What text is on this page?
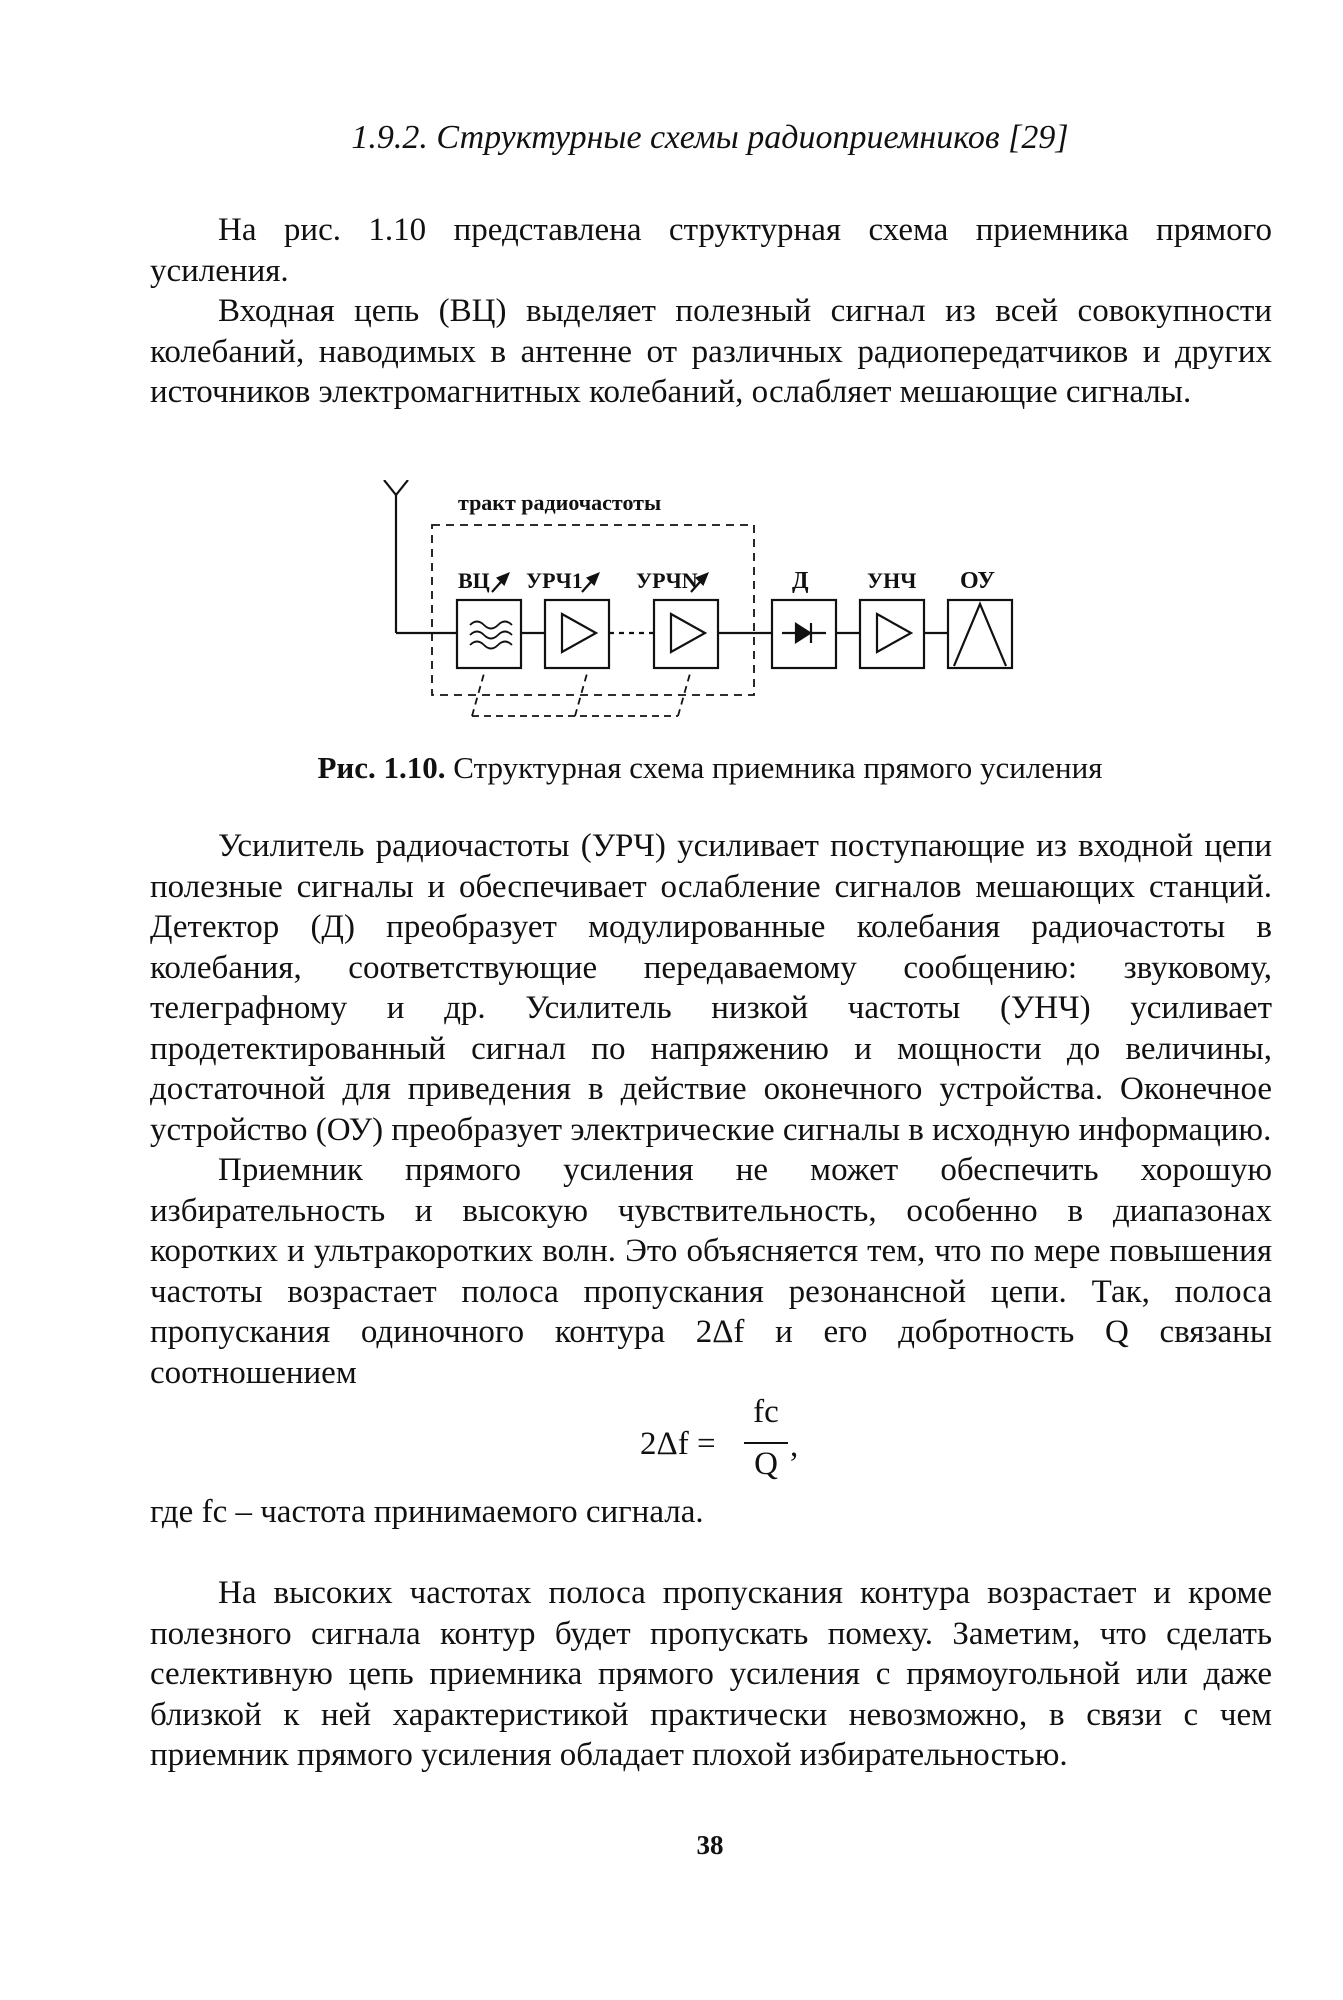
1.9.2. Структурные схемы радиоприемников [29]

На рис. 1.10 представлена структурная схема приемника прямого усиления.

Входная цепь (ВЦ) выделяет полезный сигнал из всей совокупности колебаний, наводимых в антенне от различных радиопередатчиков и других источников электромагнитных колебаний, ослабляет мешающие сигналы.

тракт радиочастоты
ВЦ УРЧ1 УРЧN	Д	УНЧ ОУ
Рис. 1.10. Структурная схема приемника прямого усиления

Усилитель радиочастоты (УРЧ) усиливает поступающие из входной цепи полезные сигналы и обеспечивает ослабление сигналов мешающих станций. Детектор (Д) преобразует модулированные колебания радиочастоты в колебания, соответствующие передаваемому сообщению: звуковому, телеграфному и др. Усилитель низкой частоты (УНЧ) усиливает продетектированный сигнал по напряжению и мощности до величины, достаточной для приведения в действие оконечного устройства. Оконечное устройство (ОУ) преобразует электрические сигналы в исходную информацию.

Приемник прямого усиления не может обеспечить хорошую избирательность и высокую чувствительность, особенно в диапазонах коротких и ультракоротких волн. Это объясняется тем, что по мере повышения частоты возрастает полоса пропускания резонансной цепи. Так, полоса пропускания одиночного контура 2Δf и его добротность Q связаны соотношением

2Δf =
fc
Q ,

где fc – частота принимаемого сигнала.

На высоких частотах полоса пропускания контура возрастает и кроме полезного сигнала контур будет пропускать помеху. Заметим, что сделать селективную цепь приемника прямого усиления с прямоугольной или даже близкой к ней характеристикой практически невозможно, в связи с чем приемник прямого усиления обладает плохой избирательностью.

38
